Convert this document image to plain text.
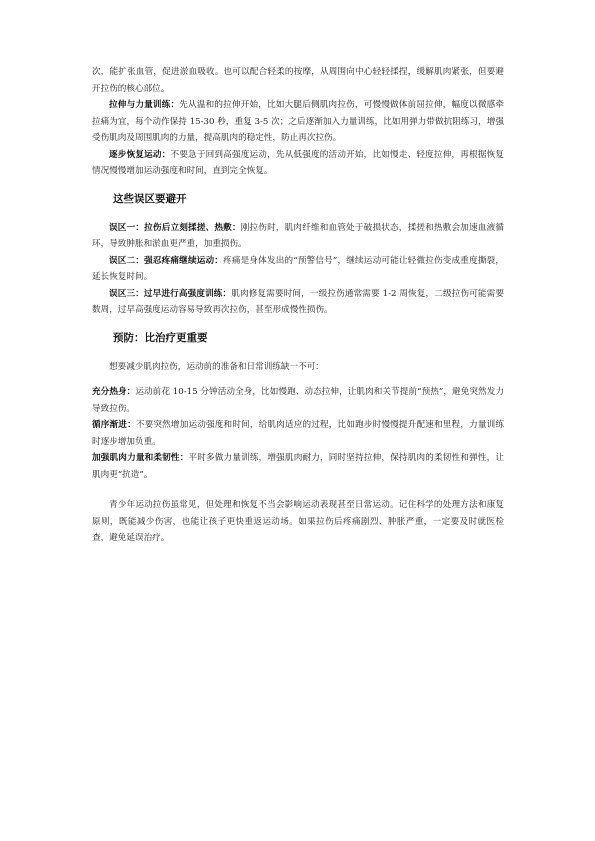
次，能扩张血管，促进淤血吸收。也可以配合轻柔的按摩，从周围向中心轻轻揉捏，缓解肌肉紧张，但要避开拉伤的核心部位。

拉伸与力量训练：先从温和的拉伸开始，比如大腿后侧肌肉拉伤，可慢慢做体前屈拉伸，幅度以微感牵拉痛为宜，每个动作保持 15-30 秒，重复 3-5 次；之后逐渐加入力量训练，比如用弹力带做抗阻练习，增强受伤肌肉及周围肌肉的力量，提高肌肉的稳定性，防止再次拉伤。

逐步恢复运动：不要急于回到高强度运动，先从低强度的活动开始，比如慢走、轻度拉伸，再根据恢复情况慢慢增加运动强度和时间，直到完全恢复。

这些误区要避开

误区一：拉伤后立刻揉搓、热敷：刚拉伤时，肌肉纤维和血管处于破损状态，揉搓和热敷会加速血液循环，导致肿胀和淤血更严重，加重损伤。

误区二：强忍疼痛继续运动：疼痛是身体发出的“预警信号”，继续运动可能让轻微拉伤变成重度撕裂，延长恢复时间。

误区三：过早进行高强度训练：肌肉修复需要时间，一级拉伤通常需要 1-2 周恢复，二级拉伤可能需要数周，过早高强度运动容易导致再次拉伤，甚至形成慢性损伤。

预防：比治疗更重要

想要减少肌肉拉伤，运动前的准备和日常训练缺一不可：

充分热身：运动前花 10-15 分钟活动全身，比如慢跑、动态拉伸，让肌肉和关节提前“预热”，避免突然发力导致拉伤。

循序渐进：不要突然增加运动强度和时间，给肌肉适应的过程，比如跑步时慢慢提升配速和里程，力量训练时逐步增加负重。

加强肌肉力量和柔韧性：平时多做力量训练，增强肌肉耐力，同时坚持拉伸，保持肌肉的柔韧性和弹性，让肌肉更“抗造”。

青少年运动拉伤虽常见，但处理和恢复不当会影响运动表现甚至日常运动。记住科学的处理方法和康复原则，既能减少伤害，也能让孩子更快重返运动场。如果拉伤后疼痛剧烈、肿胀严重，一定要及时就医检查，避免延误治疗。
